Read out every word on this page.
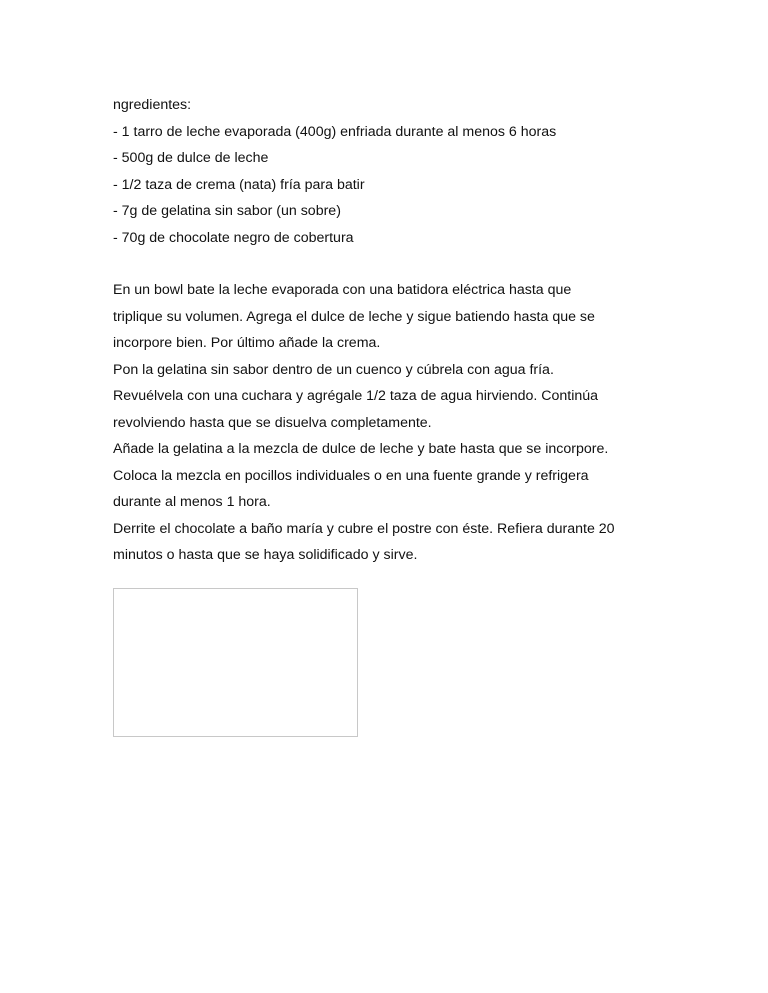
ngredientes:
- 1 tarro de leche evaporada (400g) enfriada durante al menos 6 horas
- 500g de dulce de leche
- 1/2 taza de crema (nata) fría para batir
- 7g de gelatina sin sabor (un sobre)
- 70g de chocolate negro de cobertura
En un bowl bate la leche evaporada con una batidora eléctrica hasta que
triplique su volumen. Agrega el dulce de leche y sigue batiendo hasta que se
incorpore bien. Por último añade la crema.
Pon la gelatina sin sabor dentro de un cuenco y cúbrela con agua fría.
Revuélvela con una cuchara y agrégale 1/2 taza de agua hirviendo. Continúa
revolviendo hasta que se disuelva completamente.
Añade la gelatina a la mezcla de dulce de leche y bate hasta que se incorpore.
Coloca la mezcla en pocillos individuales o en una fuente grande y refrigera
durante al menos 1 hora.
Derrite el chocolate a baño maría y cubre el postre con éste. Refiera durante 20
minutos o hasta que se haya solidificado y sirve.
